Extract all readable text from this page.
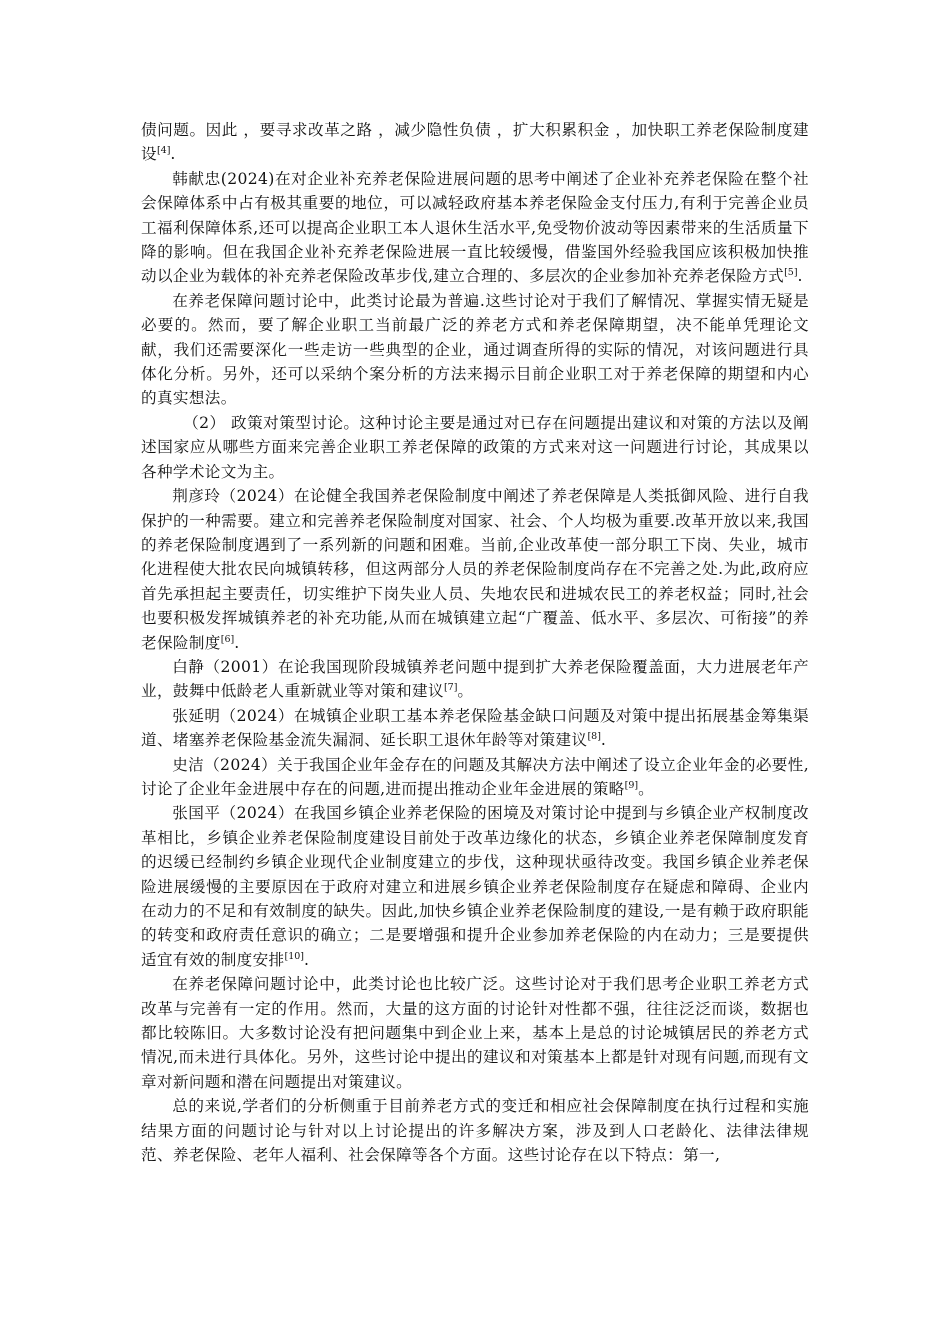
债问题。因此 ，要寻求改革之路 ，减少隐性负债 ，扩大积累积金 ，加快职工养老保险制度建设[4].

韩献忠(2024)在对企业补充养老保险进展问题的思考中阐述了企业补充养老保险在整个社会保障体系中占有极其重要的地位，可以减轻政府基本养老保险金支付压力,有利于完善企业员工福利保障体系,还可以提高企业职工本人退休生活水平,免受物价波动等因素带来的生活质量下降的影响。但在我国企业补充养老保险进展一直比较缓慢，借鉴国外经验我国应该积极加快推动以企业为载体的补充养老保险改革步伐,建立合理的、多层次的企业参加补充养老保险方式[5].

在养老保障问题讨论中，此类讨论最为普遍.这些讨论对于我们了解情况、掌握实情无疑是必要的。然而，要了解企业职工当前最广泛的养老方式和养老保障期望，决不能单凭理论文献，我们还需要深化一些走访一些典型的企业，通过调查所得的实际的情况，对该问题进行具体化分析。另外，还可以采纳个案分析的方法来揭示目前企业职工对于养老保障的期望和内心的真实想法。

（2） 政策对策型讨论。这种讨论主要是通过对已存在问题提出建议和对策的方法以及阐述国家应从哪些方面来完善企业职工养老保障的政策的方式来对这一问题进行讨论，其成果以各种学术论文为主。

荆彦玲（2024）在论健全我国养老保险制度中阐述了养老保障是人类抵御风险、进行自我保护的一种需要。建立和完善养老保险制度对国家、社会、个人均极为重要.改革开放以来,我国的养老保险制度遇到了一系列新的问题和困难。当前,企业改革使一部分职工下岗、失业，城市化进程使大批农民向城镇转移，但这两部分人员的养老保险制度尚存在不完善之处.为此,政府应首先承担起主要责任，切实维护下岗失业人员、失地农民和进城农民工的养老权益；同时,社会也要积极发挥城镇养老的补充功能,从而在城镇建立起“广覆盖、低水平、多层次、可衔接”的养老保险制度[6].

白静（2001）在论我国现阶段城镇养老问题中提到扩大养老保险覆盖面，大力进展老年产业，鼓舞中低龄老人重新就业等对策和建议[7]。

张延明（2024）在城镇企业职工基本养老保险基金缺口问题及对策中提出拓展基金筹集渠道、堵塞养老保险基金流失漏洞、延长职工退休年龄等对策建议[8].

史洁（2024）关于我国企业年金存在的问题及其解决方法中阐述了设立企业年金的必要性,讨论了企业年金进展中存在的问题,进而提出推动企业年金进展的策略[9]。

张国平（2024）在我国乡镇企业养老保险的困境及对策讨论中提到与乡镇企业产权制度改革相比，乡镇企业养老保险制度建设目前处于改革边缘化的状态，乡镇企业养老保障制度发育的迟缓已经制约乡镇企业现代企业制度建立的步伐，这种现状亟待改变。我国乡镇企业养老保险进展缓慢的主要原因在于政府对建立和进展乡镇企业养老保险制度存在疑虑和障碍、企业内在动力的不足和有效制度的缺失。因此,加快乡镇企业养老保险制度的建设,一是有赖于政府职能的转变和政府责任意识的确立；二是要增强和提升企业参加养老保险的内在动力；三是要提供适宜有效的制度安排[10].

在养老保障问题讨论中，此类讨论也比较广泛。这些讨论对于我们思考企业职工养老方式改革与完善有一定的作用。然而，大量的这方面的讨论针对性都不强，往往泛泛而谈，数据也都比较陈旧。大多数讨论没有把问题集中到企业上来，基本上是总的讨论城镇居民的养老方式情况,而未进行具体化。另外，这些讨论中提出的建议和对策基本上都是针对现有问题,而现有文章对新问题和潜在问题提出对策建议。

总的来说,学者们的分析侧重于目前养老方式的变迁和相应社会保障制度在执行过程和实施结果方面的问题讨论与针对以上讨论提出的许多解决方案，涉及到人口老龄化、法律法律规范、养老保险、老年人福利、社会保障等各个方面。这些讨论存在以下特点：第一,
